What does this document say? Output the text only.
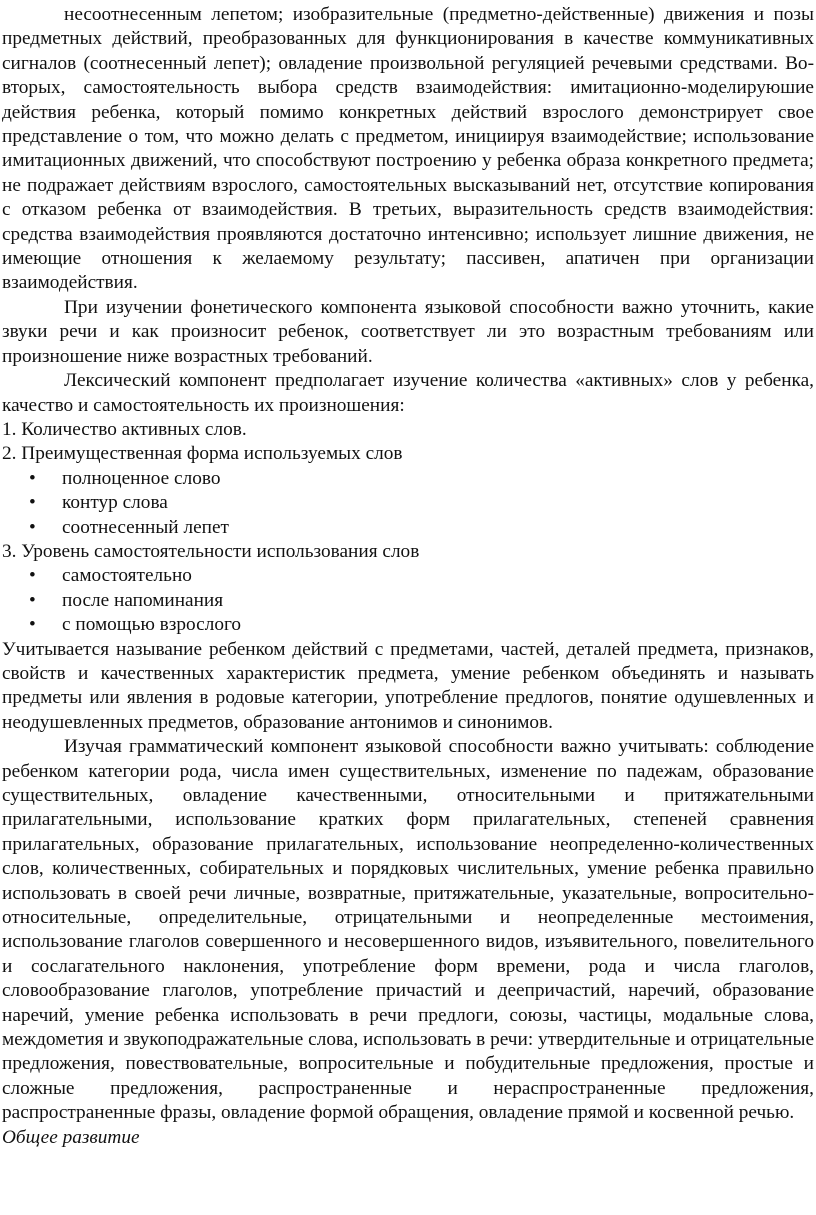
несоотнесенным лепетом; изобразительные (предметно-действенные) движения и позы предметных действий, преобразованных для функционирования в качестве коммуникативных сигналов (соотнесенный лепет); овладение произвольной регуляцией речевыми средствами. Во-вторых, самостоятельность выбора средств взаимодействия: имитационно-моделируюшие действия ребенка, который помимо конкретных действий взрослого демонстрирует свое представление о том, что можно делать с предметом, инициируя взаимодействие; использование имитационных движений, что способствуют построению у ребенка образа конкретного предмета; не подражает действиям взрослого, самостоятельных высказываний нет, отсутствие копирования с отказом ребенка от взаимодействия. В третьих, выразительность средств взаимодействия: средства взаимодействия проявляются достаточно интенсивно; использует лишние движения, не имеющие отношения к желаемому результату; пассивен, апатичен при организации взаимодействия.

При изучении фонетического компонента языковой способности важно уточнить, какие звуки речи и как произносит ребенок, соответствует ли это возрастным требованиям или произношение ниже возрастных требований.

Лексический компонент предполагает изучение количества «активных» слов у ребенка, качество и самостоятельность их произношения:

1. Количество активных слов.

2. Преимущественная форма используемых слов

• полноценное слово
• контур слова
• соотнесенный лепет

3. Уровень самостоятельности использования слов

• самостоятельно
• после напоминания
• с помощью взрослого

Учитывается называние ребенком действий с предметами, частей, деталей предмета, признаков, свойств и качественных характеристик предмета, умение ребенком объединять и называть предметы или явления в родовые категории, употребление предлогов, понятие одушевленных и неодушевленных предметов, образование антонимов и синонимов.

Изучая грамматический компонент языковой способности важно учитывать: соблюдение ребенком категории рода, числа имен существительных, изменение по падежам, образование существительных, овладение качественными, относительными и притяжательными прилагательными, использование кратких форм прилагательных, степеней сравнения прилагательных, образование прилагательных, использование неопределенно-количественных слов, количественных, собирательных и порядковых числительных, умение ребенка правильно использовать в своей речи личные, возвратные, притяжательные, указательные, вопросительно-относительные, определительные, отрицательными и неопределенные местоимения, использование глаголов совершенного и несовершенного видов, изъявительного, повелительного и сослагательного наклонения, употребление форм времени, рода и числа глаголов, словообразование глаголов, употребление причастий и деепричастий, наречий, образование наречий, умение ребенка использовать в речи предлоги, союзы, частицы, модальные слова, междометия и звукоподражательные слова, использовать в речи: утвердительные и отрицательные предложения, повествовательные, вопросительные и побудительные предложения, простые и сложные предложения, распространенные и нераспространенные предложения, распространенные фразы, овладение формой обращения, овладение прямой и косвенной речью.

Общее развитие
